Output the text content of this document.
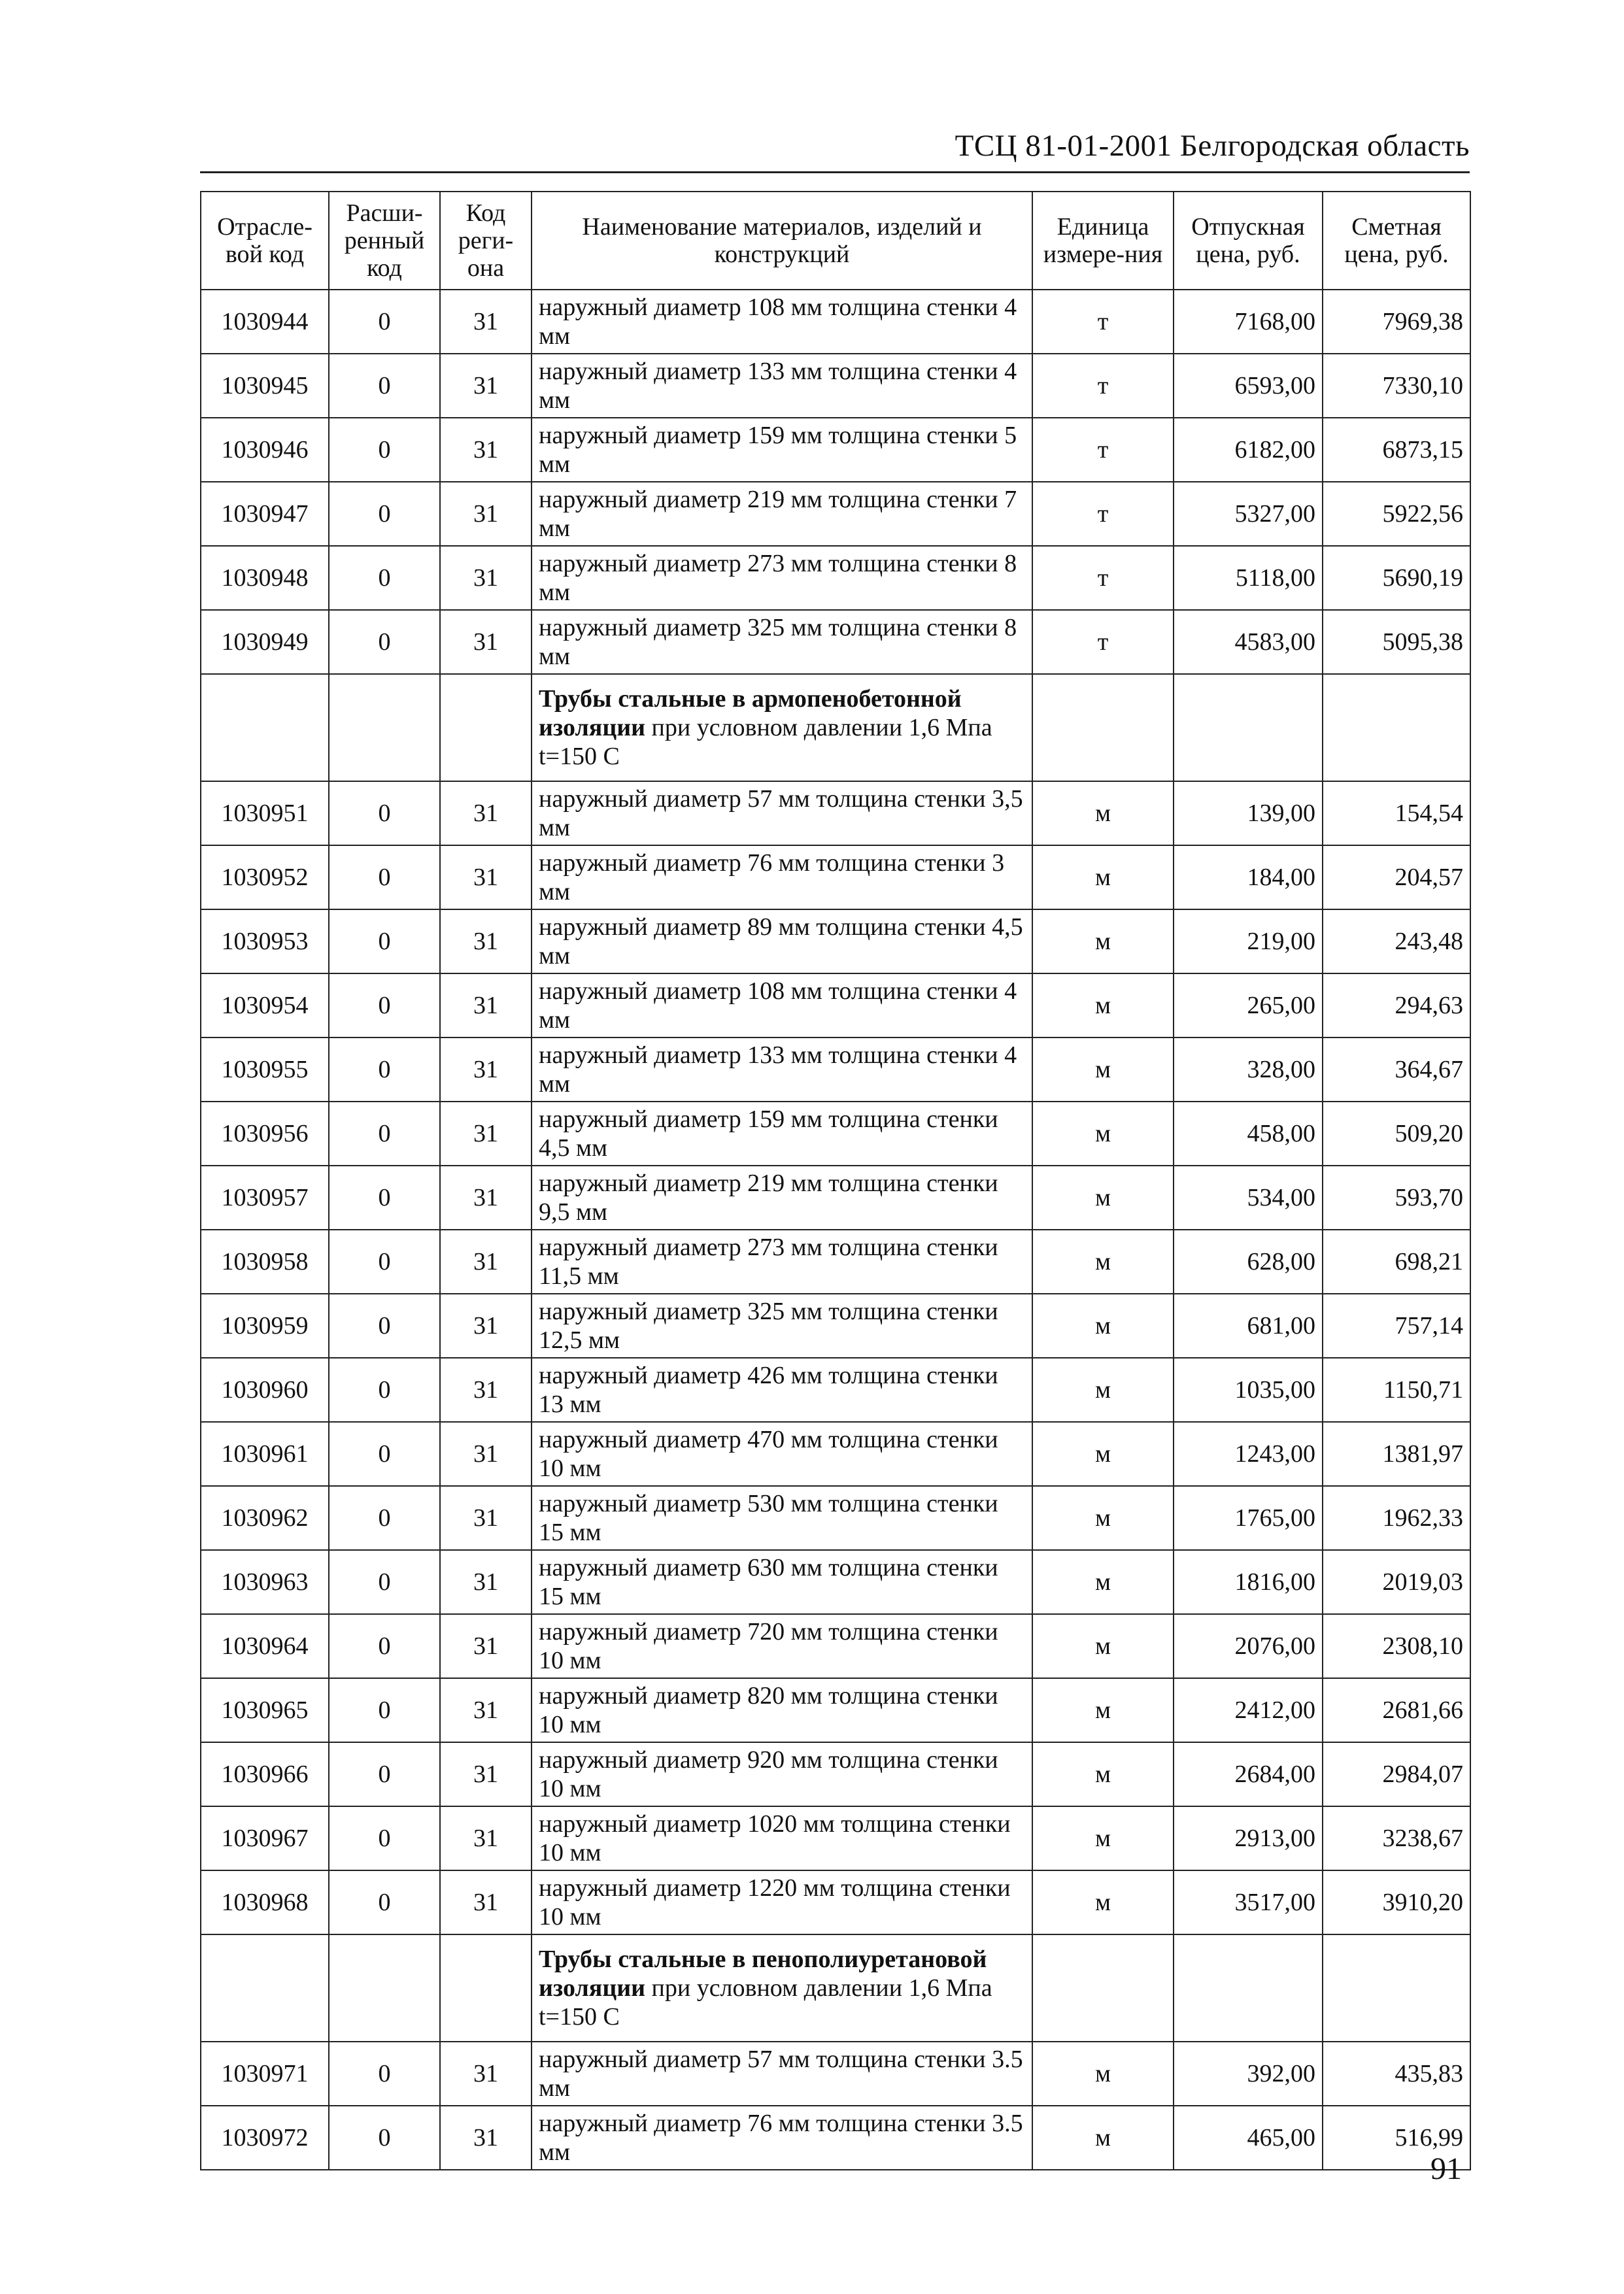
ТСЦ 81-01-2001 Белгородская область
Отрасле-вой код	Расши-ренный код	Код реги-она	Наименование материалов, изделий и конструкций	Единица измере-ния	Отпускная цена, руб.	Сметная цена, руб.
1030944	0	31	наружный диаметр 108 мм толщина стенки 4 мм	т	7168,00	7969,38
1030945	0	31	наружный диаметр 133 мм толщина стенки 4 мм	т	6593,00	7330,10
1030946	0	31	наружный диаметр 159 мм толщина стенки 5 мм	т	6182,00	6873,15
1030947	0	31	наружный диаметр 219 мм толщина стенки 7 мм	т	5327,00	5922,56
1030948	0	31	наружный диаметр 273 мм толщина стенки 8 мм	т	5118,00	5690,19
1030949	0	31	наружный диаметр 325 мм толщина стенки 8 мм	т	4583,00	5095,38
			Трубы стальные в армопенобетонной изоляции при условном давлении 1,6 Мпа t=150 С			
1030951	0	31	наружный диаметр 57 мм толщина стенки 3,5 мм	м	139,00	154,54
1030952	0	31	наружный диаметр 76 мм толщина стенки 3 мм	м	184,00	204,57
1030953	0	31	наружный диаметр 89 мм толщина стенки 4,5 мм	м	219,00	243,48
1030954	0	31	наружный диаметр 108 мм толщина стенки 4 мм	м	265,00	294,63
1030955	0	31	наружный диаметр 133 мм толщина стенки 4 мм	м	328,00	364,67
1030956	0	31	наружный диаметр 159 мм толщина стенки 4,5 мм	м	458,00	509,20
1030957	0	31	наружный диаметр 219 мм толщина стенки 9,5 мм	м	534,00	593,70
1030958	0	31	наружный диаметр 273 мм толщина стенки 11,5 мм	м	628,00	698,21
1030959	0	31	наружный диаметр 325 мм толщина стенки 12,5 мм	м	681,00	757,14
1030960	0	31	наружный диаметр 426 мм толщина стенки 13 мм	м	1035,00	1150,71
1030961	0	31	наружный диаметр 470 мм толщина стенки 10 мм	м	1243,00	1381,97
1030962	0	31	наружный диаметр 530 мм толщина стенки 15 мм	м	1765,00	1962,33
1030963	0	31	наружный диаметр 630 мм толщина стенки 15 мм	м	1816,00	2019,03
1030964	0	31	наружный диаметр 720 мм толщина стенки 10 мм	м	2076,00	2308,10
1030965	0	31	наружный диаметр 820 мм толщина стенки 10 мм	м	2412,00	2681,66
1030966	0	31	наружный диаметр 920 мм толщина стенки 10 мм	м	2684,00	2984,07
1030967	0	31	наружный диаметр 1020 мм толщина стенки 10 мм	м	2913,00	3238,67
1030968	0	31	наружный диаметр 1220 мм толщина стенки 10 мм	м	3517,00	3910,20
			Трубы стальные в пенополиуретановой изоляции при условном давлении 1,6 Мпа t=150 С			
1030971	0	31	наружный диаметр 57 мм толщина стенки 3.5 мм	м	392,00	435,83
1030972	0	31	наружный диаметр 76 мм толщина стенки 3.5 мм	м	465,00	516,99
91
